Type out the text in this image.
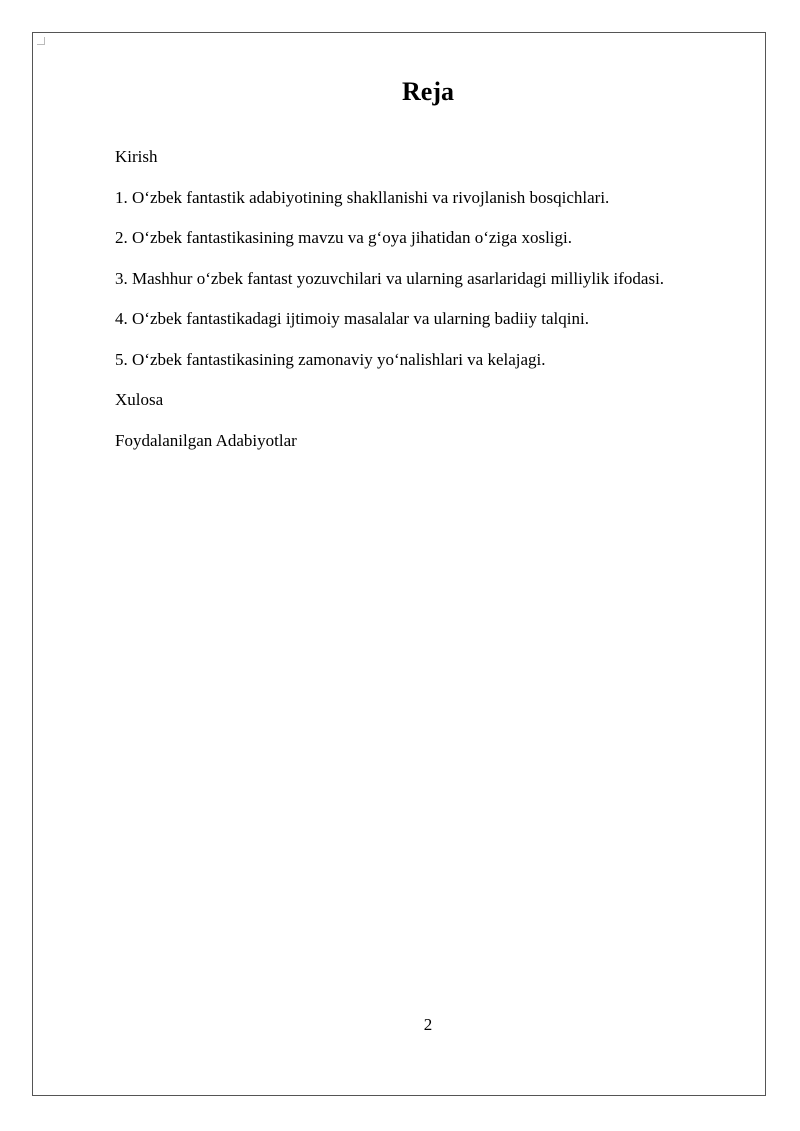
Reja
Kirish
1. O‘zbek fantastik adabiyotining shakllanishi va rivojlanish bosqichlari.
2. O‘zbek fantastikasining mavzu va g‘oya jihatidan o‘ziga xosligi.
3. Mashhur o‘zbek fantast yozuvchilari va ularning asarlaridagi milliylik ifodasi.
4. O‘zbek fantastikadagi ijtimoiy masalalar va ularning badiiy talqini.
5. O‘zbek fantastikasining zamonaviy yo‘nalishlari va kelajagi.
Xulosa
Foydalanilgan Adabiyotlar
2
